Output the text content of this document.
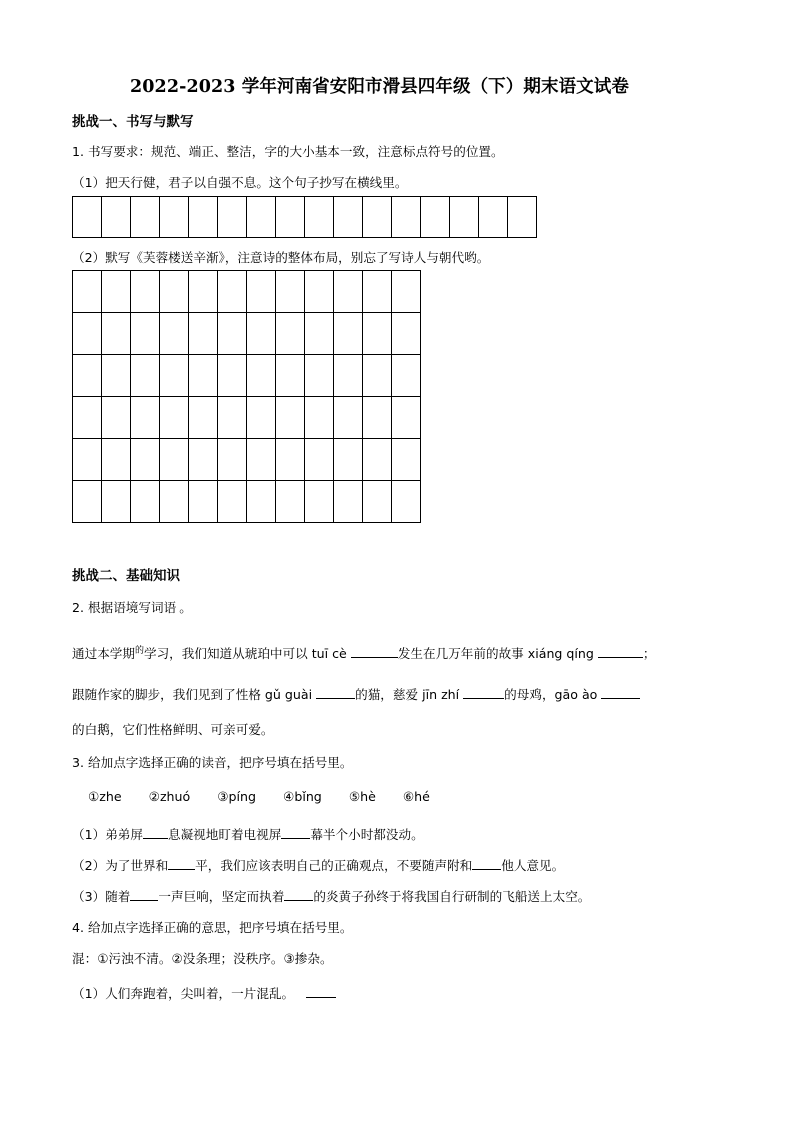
2022-2023 学年河南省安阳市滑县四年级（下）期末语文试卷
挑战一、书写与默写
1. 书写要求：规范、端正、整洁，字的大小基本一致，注意标点符号的位置。
（1）把天行健，君子以自强不息。这个句子抄写在横线里。
（2）默写《芙蓉楼送辛渐》，注意诗的整体布局，别忘了写诗人与朝代哟。
挑战二、基础知识
2. 根据语境写词语 。
通过本学期$^的$学习，我们知道从琥珀中可以 tuī cè	发生在几万年前的故事 xiáng qíng	；
跟随作家的脚步，我们见到了性格 gǔ guài	的猫，慈爱 jīn zhí	的母鸡，gāo ào
的白鹅，它们性格鲜明、可亲可爱。
3. 给加点字选择正确的读音，把序号填在括号里。
①zhe ②zhuó ③píng ④bǐng ⑤hè ⑥hé
（1）弟弟屏 息凝视地盯着电视屏 幕半个小时都没动。
（2）为了世界和 平，我们应该表明自己的正确观点，不要随声附和 他人意见。
（3）随着 一声巨响，坚定而执着 的炎黄子孙终于将我国自行研制的飞船送上太空。
4. 给加点字选择正确的意思，把序号填在括号里。
混：①污浊不清。②没条理；没秩序。③掺杂。
（1）人们奔跑着，尖叫着，一片混乱。
